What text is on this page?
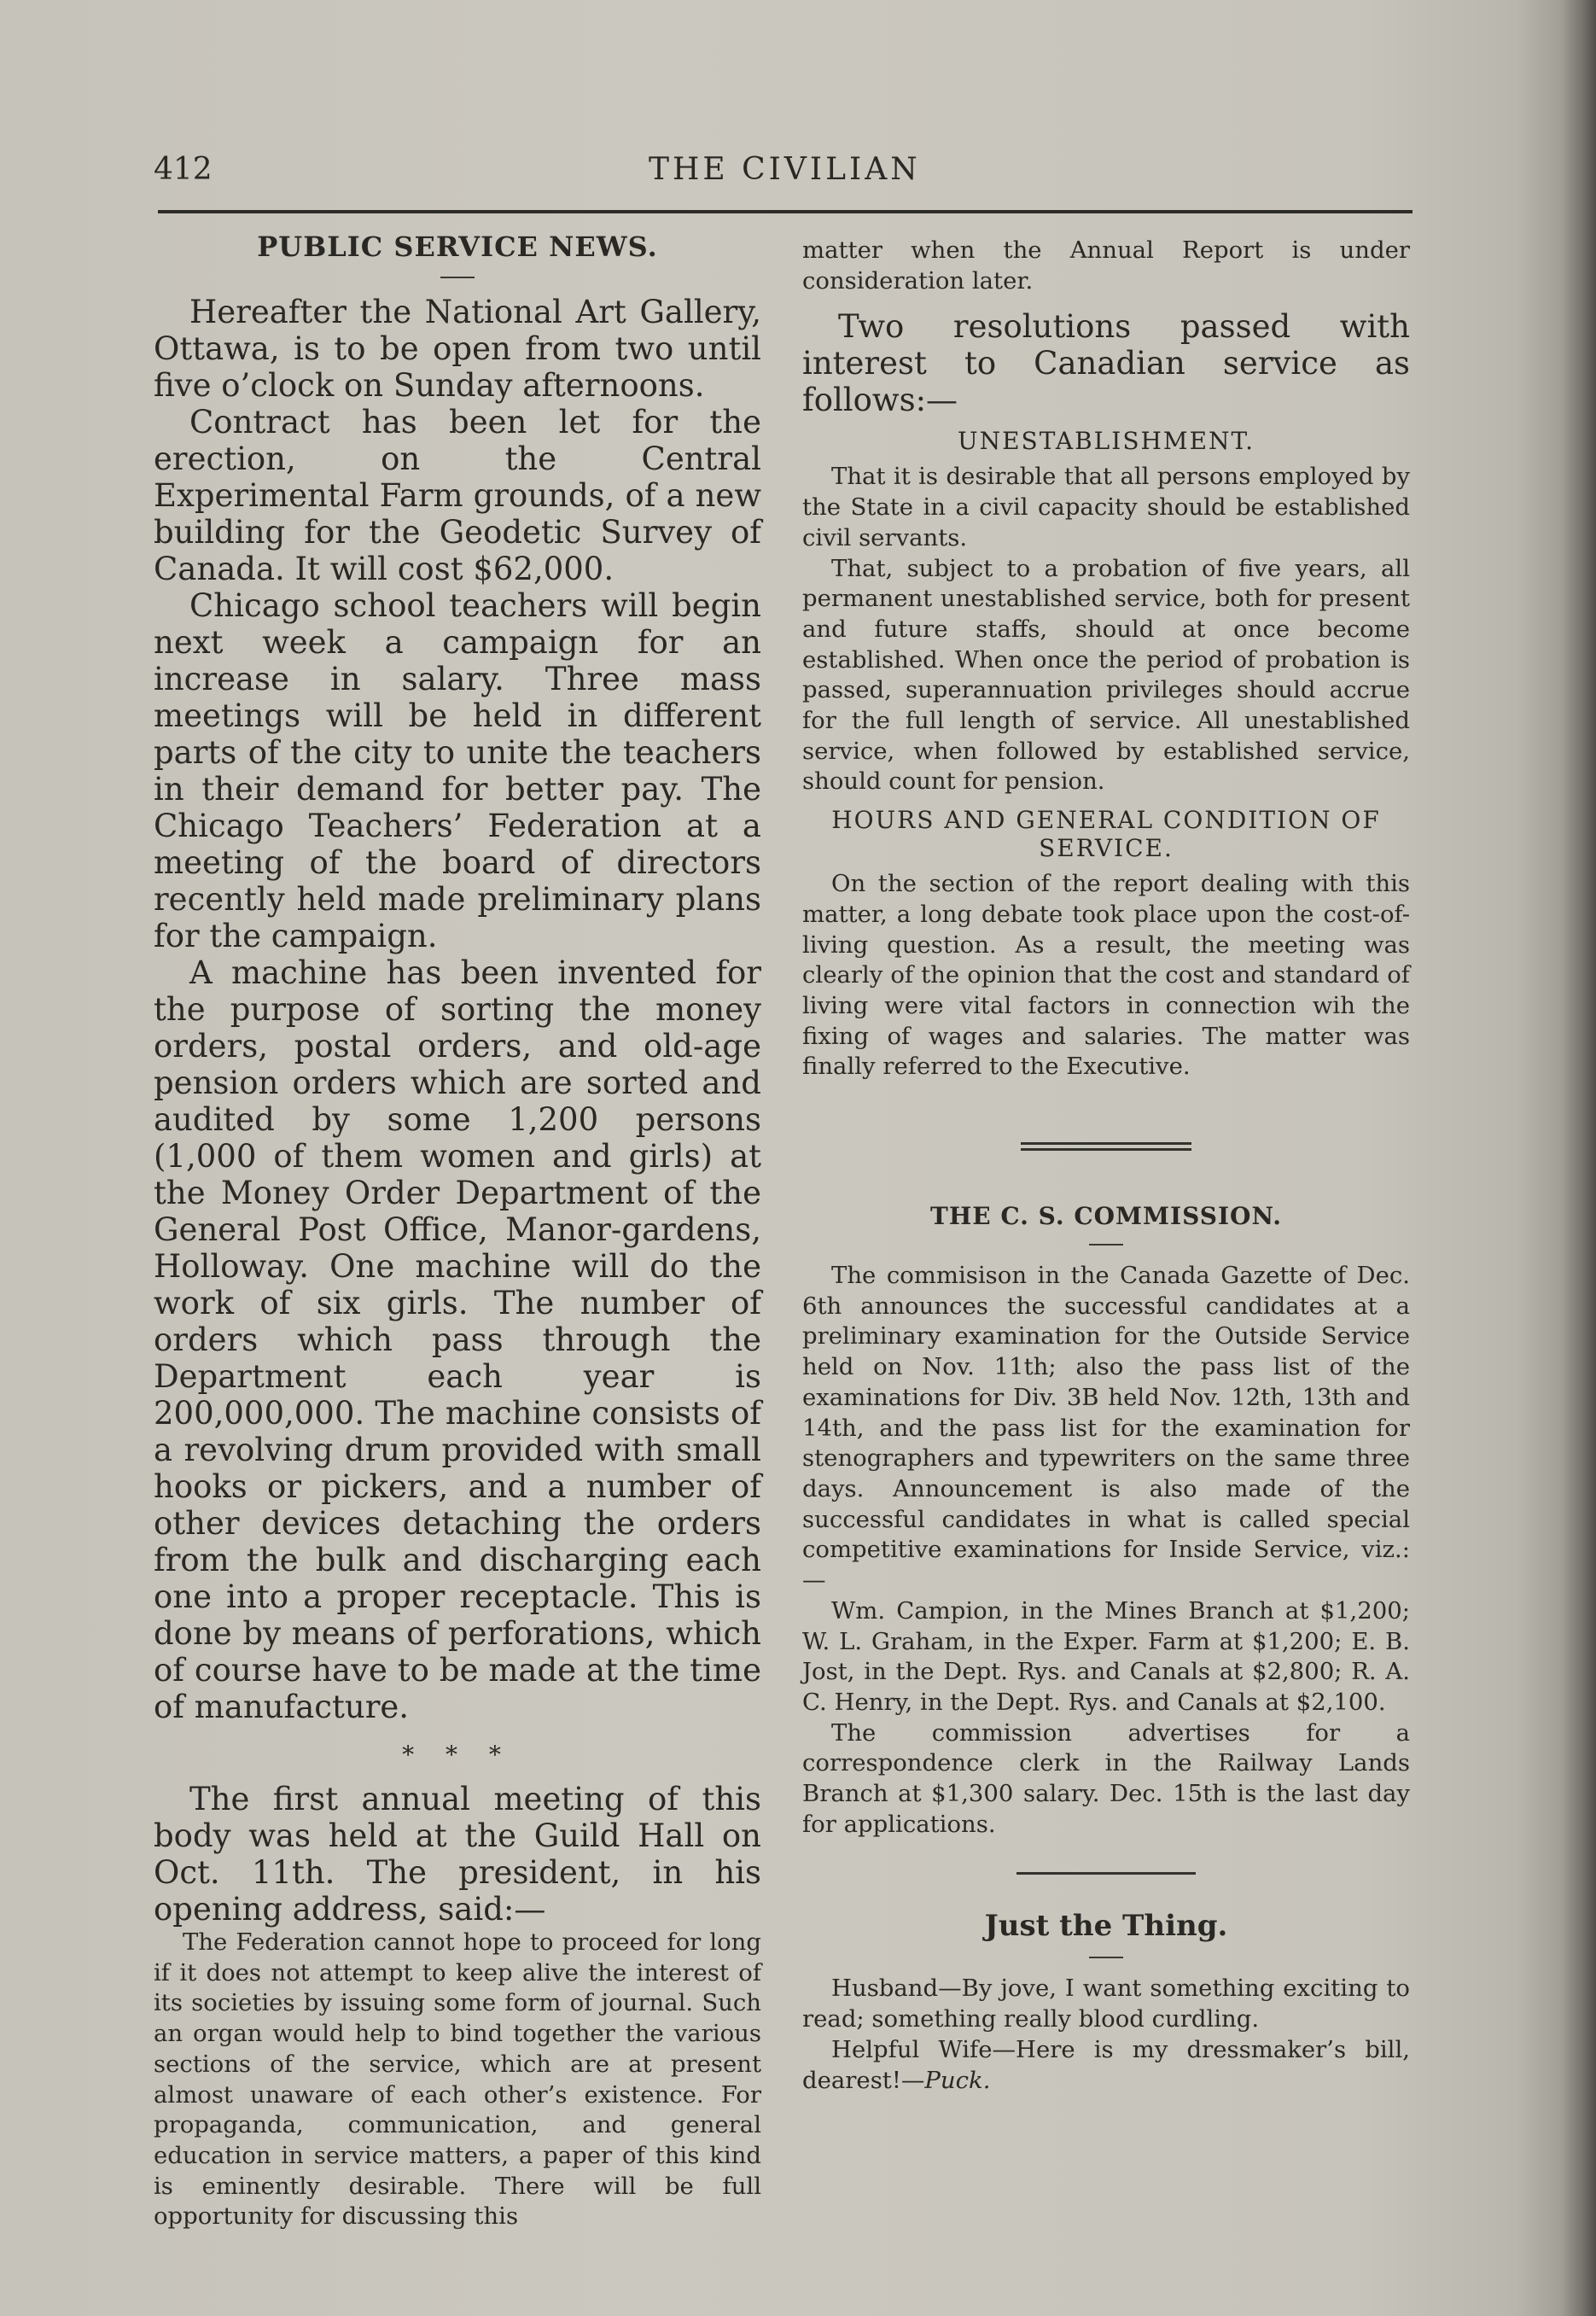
412	THE CIVILIAN
PUBLIC SERVICE NEWS.

Hereafter the National Art Gallery, Ottawa, is to be open from two until five o’clock on Sunday afternoons.

Contract has been let for the erection, on the Central Experimental Farm grounds, of a new building for the Geodetic Survey of Canada. It will cost $62,000.

Chicago school teachers will begin next week a campaign for an increase in salary. Three mass meetings will be held in different parts of the city to unite the teachers in their demand for better pay. The Chicago Teachers’ Federation at a meeting of the board of directors recently held made preliminary plans for the campaign.

A machine has been invented for the purpose of sorting the money orders, postal orders, and old-age pension orders which are sorted and audited by some 1,200 persons (1,000 of them women and girls) at the Money Order Department of the General Post Office, Manor-gardens, Holloway. One machine will do the work of six girls. The number of orders which pass through the Department each year is 200,000,000. The machine consists of a revolving drum provided with small hooks or pickers, and a number of other devices detaching the orders from the bulk and discharging each one into a proper receptacle. This is done by means of perforations, which of course have to be made at the time of manufacture.

* * *

The first annual meeting of this body was held at the Guild Hall on Oct. 11th. The president, in his opening address, said:—

The Federation cannot hope to proceed for long if it does not attempt to keep alive the interest of its societies by issuing some form of journal. Such an organ would help to bind together the various sections of the service, which are at present almost unaware of each other’s existence. For propaganda, communication, and general education in service matters, a paper of this kind is eminently desirable. There will be full opportunity for discussing this

matter when the Annual Report is under consideration later.

Two resolutions passed with interest to Canadian service as follows:—

UNESTABLISHMENT.

That it is desirable that all persons employed by the State in a civil capacity should be established civil servants.

That, subject to a probation of five years, all permanent unestablished service, both for present and future staffs, should at once become established. When once the period of probation is passed, superannuation privileges should accrue for the full length of service. All unestablished service, when followed by established service, should count for pension.

HOURS AND GENERAL CONDITION OF SERVICE.

On the section of the report dealing with this matter, a long debate took place upon the cost-of-living question. As a result, the meeting was clearly of the opinion that the cost and standard of living were vital factors in connection wih the fixing of wages and salaries. The matter was finally referred to the Executive.

THE C. S. COMMISSION.

The commisison in the Canada Gazette of Dec. 6th announces the successful candidates at a preliminary examination for the Outside Service held on Nov. 11th; also the pass list of the examinations for Div. 3B held Nov. 12th, 13th and 14th, and the pass list for the examination for stenographers and typewriters on the same three days. Announcement is also made of the successful candidates in what is called special competitive examinations for Inside Service, viz.:—

Wm. Campion, in the Mines Branch at $1,200; W. L. Graham, in the Exper. Farm at $1,200; E. B. Jost, in the Dept. Rys. and Canals at $2,800; R. A. C. Henry, in the Dept. Rys. and Canals at $2,100.

The commission advertises for a correspondence clerk in the Railway Lands Branch at $1,300 salary. Dec. 15th is the last day for applications.

Just the Thing.

Husband—By jove, I want something exciting to read; something really blood curdling.

Helpful Wife—Here is my dressmaker’s bill, dearest!—Puck.
